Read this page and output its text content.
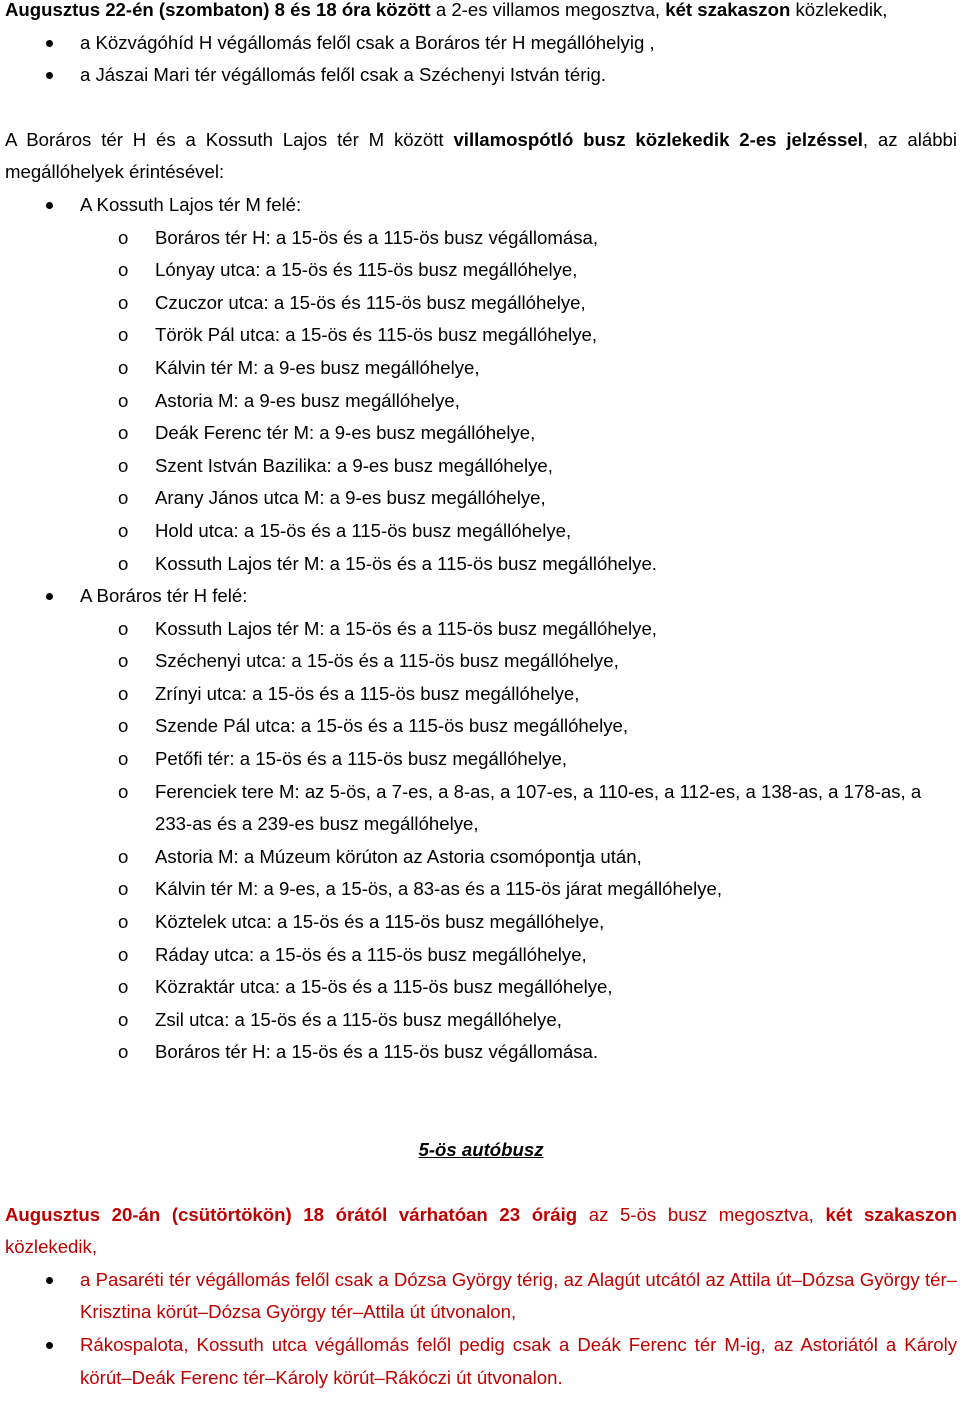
Augusztus 22-én (szombaton) 8 és 18 óra között a 2-es villamos megosztva, két szakaszon közlekedik,

a Közvágóhíd H végállomás felől csak a Boráros tér H megállóhelyig ,
a Jászai Mari tér végállomás felől csak a Széchenyi István térig.

A Boráros tér H és a Kossuth Lajos tér M között villamospótló busz közlekedik 2-es jelzéssel, az alábbi megállóhelyek érintésével:

A Kossuth Lajos tér M felé:
o Boráros tér H: a 15-ös és a 115-ös busz végállomása,
o Lónyay utca: a 15-ös és 115-ös busz megállóhelye,
o Czuczor utca: a 15-ös és 115-ös busz megállóhelye,
o Török Pál utca: a 15-ös és 115-ös busz megállóhelye,
o Kálvin tér M: a 9-es busz megállóhelye,
o Astoria M: a 9-es busz megállóhelye,
o Deák Ferenc tér M: a 9-es busz megállóhelye,
o Szent István Bazilika: a 9-es busz megállóhelye,
o Arany János utca M: a 9-es busz megállóhelye,
o Hold utca: a 15-ös és a 115-ös busz megállóhelye,
o Kossuth Lajos tér M: a 15-ös és a 115-ös busz megállóhelye.
A Boráros tér H felé:
o Kossuth Lajos tér M: a 15-ös és a 115-ös busz megállóhelye,
o Széchenyi utca: a 15-ös és a 115-ös busz megállóhelye,
o Zrínyi utca: a 15-ös és a 115-ös busz megállóhelye,
o Szende Pál utca: a 15-ös és a 115-ös busz megállóhelye,
o Petőfi tér: a 15-ös és a 115-ös busz megállóhelye,
o Ferenciek tere M: az 5-ös, a 7-es, a 8-as, a 107-es, a 110-es, a 112-es, a 138-as, a 178-as, a 233-as és a 239-es busz megállóhelye,
o Astoria M: a Múzeum körúton az Astoria csomópontja után,
o Kálvin tér M: a 9-es, a 15-ös, a 83-as és a 115-ös járat megállóhelye,
o Köztelek utca: a 15-ös és a 115-ös busz megállóhelye,
o Ráday utca: a 15-ös és a 115-ös busz megállóhelye,
o Közraktár utca: a 15-ös és a 115-ös busz megállóhelye,
o Zsil utca: a 15-ös és a 115-ös busz megállóhelye,
o Boráros tér H: a 15-ös és a 115-ös busz végállomása.

5-ös autóbusz

Augusztus 20-án (csütörtökön) 18 órától várhatóan 23 óráig az 5-ös busz megosztva, két szakaszon közlekedik,

a Pasaréti tér végállomás felől csak a Dózsa György térig, az Alagút utcától az Attila út–Dózsa György tér–Krisztina körút–Dózsa György tér–Attila út útvonalon,
Rákospalota, Kossuth utca végállomás felől pedig csak a Deák Ferenc tér M-ig, az Astoriától a Károly körút–Deák Ferenc tér–Károly körút–Rákóczi út útvonalon.
